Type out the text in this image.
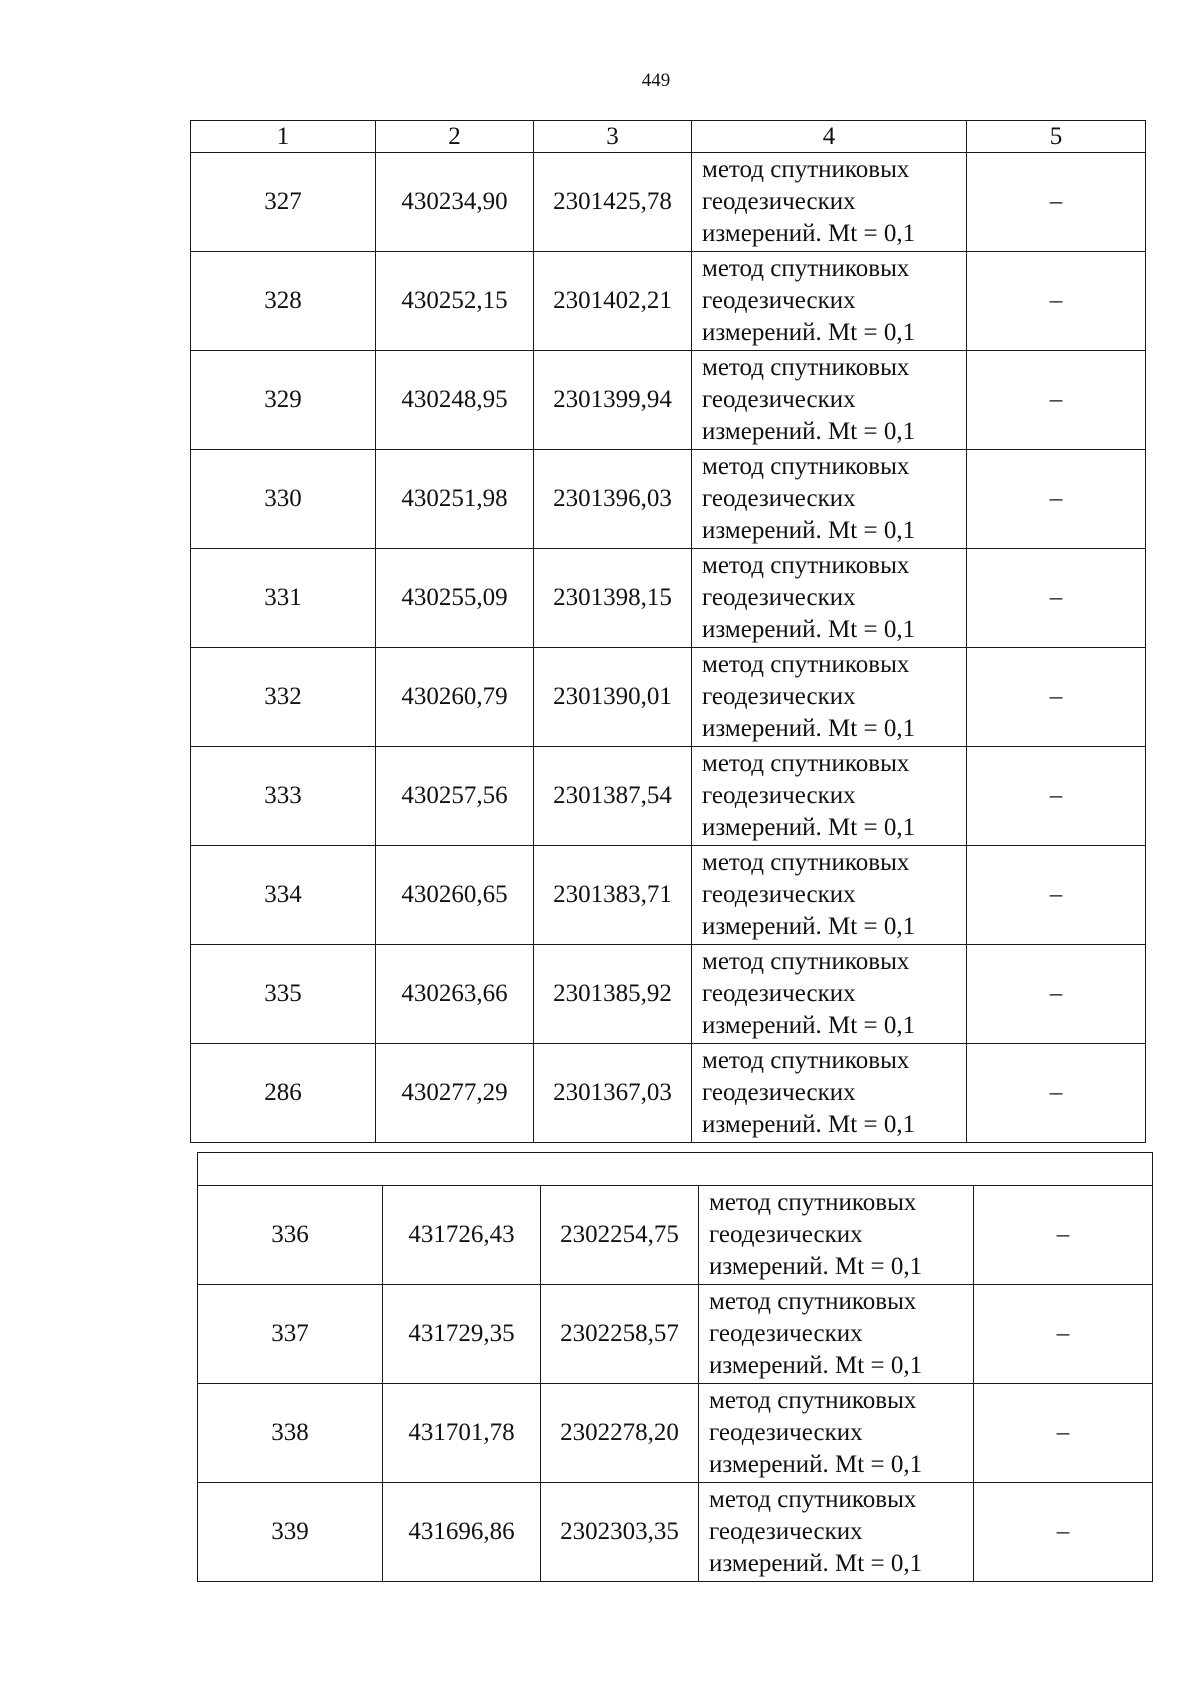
449
1	2	3	4	5
327	430234,90	2301425,78	метод спутниковых
геодезических
измерений. Mt = 0,1	–
328	430252,15	2301402,21	метод спутниковых
геодезических
измерений. Mt = 0,1	–
329	430248,95	2301399,94	метод спутниковых
геодезических
измерений. Mt = 0,1	–
330	430251,98	2301396,03	метод спутниковых
геодезических
измерений. Mt = 0,1	–
331	430255,09	2301398,15	метод спутниковых
геодезических
измерений. Mt = 0,1	–
332	430260,79	2301390,01	метод спутниковых
геодезических
измерений. Mt = 0,1	–
333	430257,56	2301387,54	метод спутниковых
геодезических
измерений. Mt = 0,1	–
334	430260,65	2301383,71	метод спутниковых
геодезических
измерений. Mt = 0,1	–
335	430263,66	2301385,92	метод спутниковых
геодезических
измерений. Mt = 0,1	–
286	430277,29	2301367,03	метод спутниковых
геодезических
измерений. Mt = 0,1	–

336	431726,43	2302254,75	метод спутниковых
геодезических
измерений. Mt = 0,1	–
337	431729,35	2302258,57	метод спутниковых
геодезических
измерений. Mt = 0,1	–
338	431701,78	2302278,20	метод спутниковых
геодезических
измерений. Mt = 0,1	–
339	431696,86	2302303,35	метод спутниковых
геодезических
измерений. Mt = 0,1	–
